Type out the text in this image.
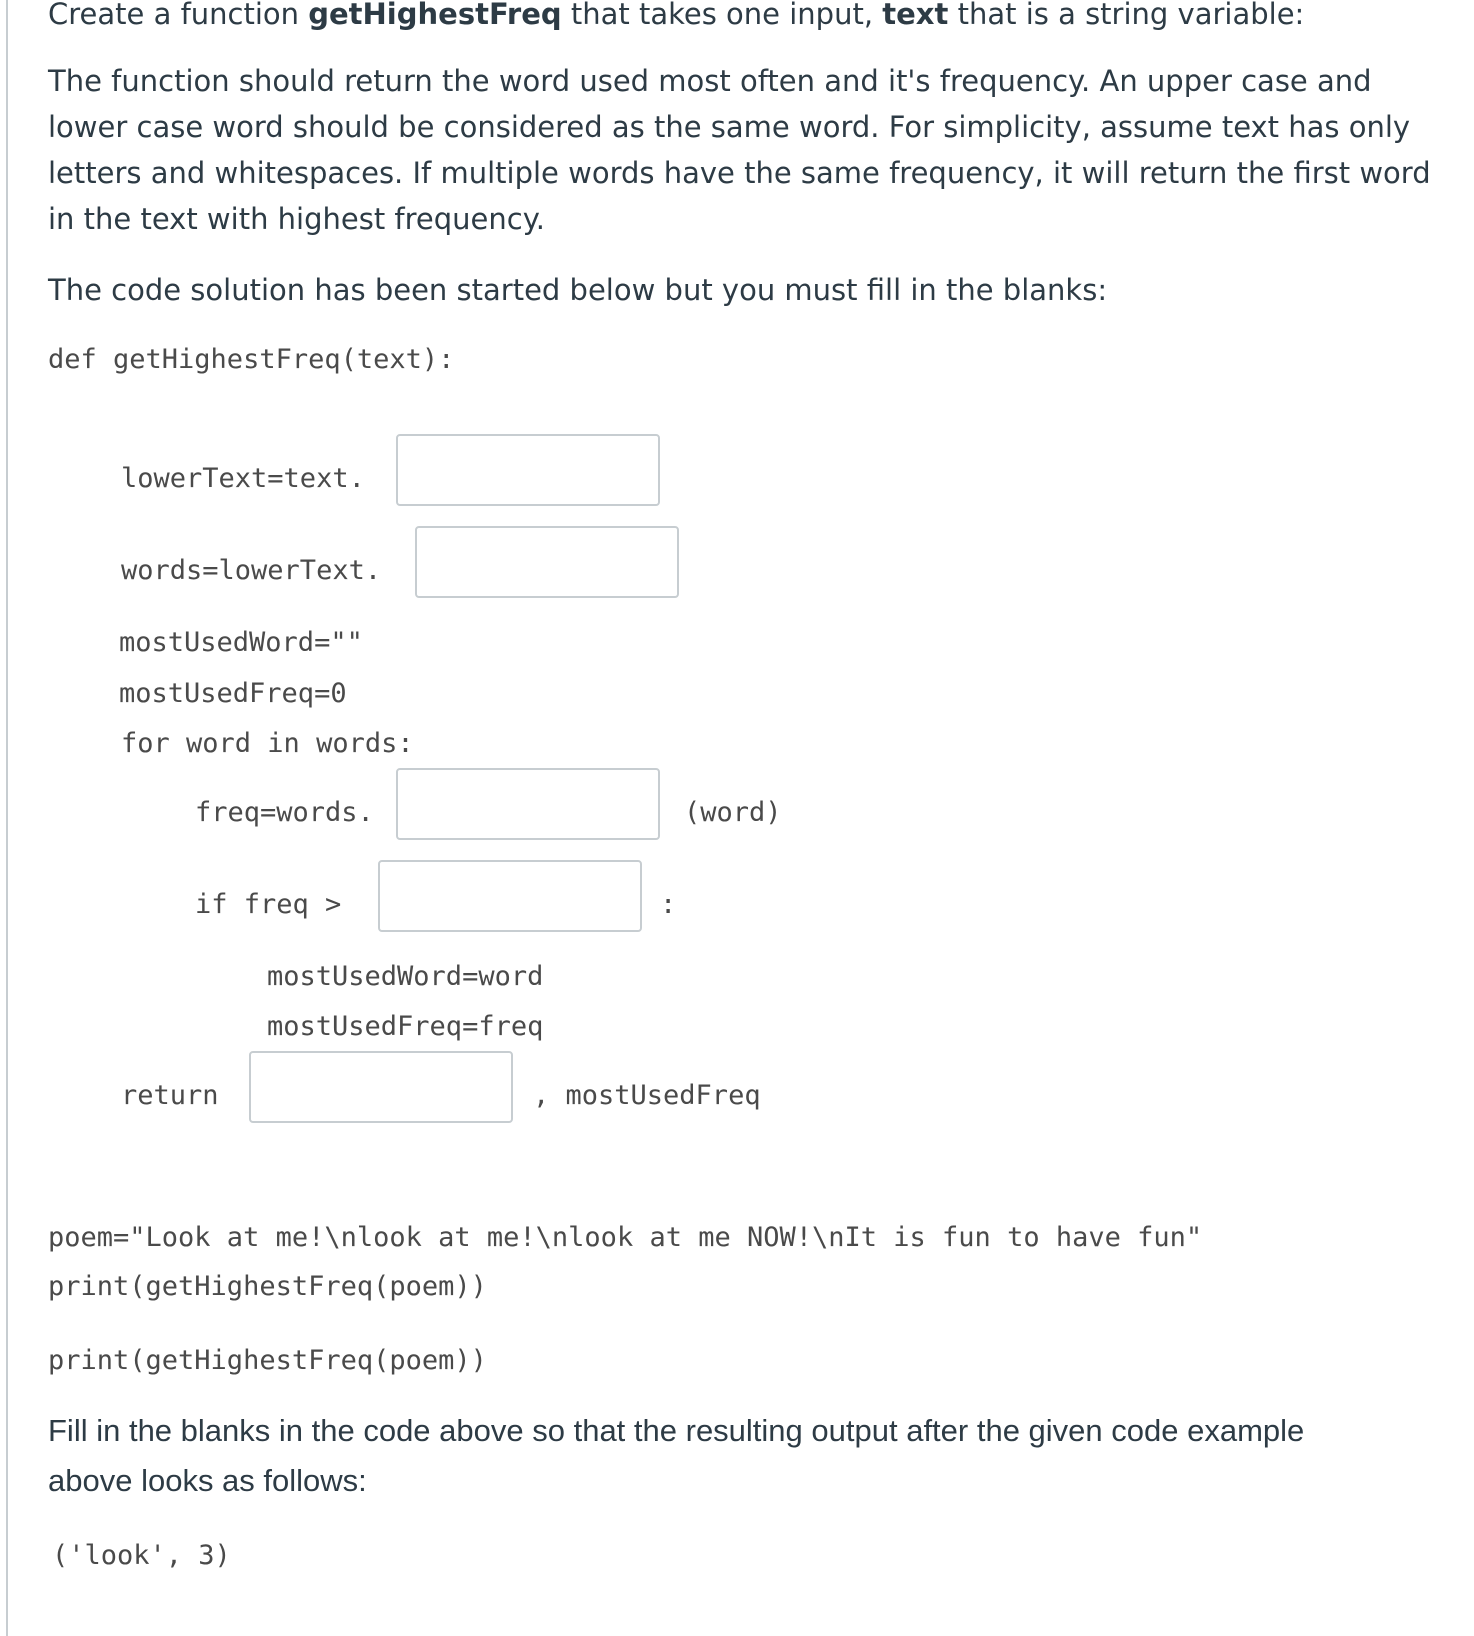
Create a function getHighestFreq that takes one input, text that is a string variable:
The function should return the word used most often and it's frequency. An upper case and lower case word should be considered as the same word. For simplicity, assume text has only letters and whitespaces. If multiple words have the same frequency, it will return the first word in the text with highest frequency.
The code solution has been started below but you must fill in the blanks:
def getHighestFreq(text):
lowerText=text.
words=lowerText.
mostUsedWord=""
mostUsedFreq=0
for word in words:
freq=words.	(word)
if freq >	:
mostUsedWord=word
mostUsedFreq=freq
return	, mostUsedFreq
poem="Look at me!\nlook at me!\nlook at me NOW!\nIt is fun to have fun"
print(getHighestFreq(poem))
print(getHighestFreq(poem))
Fill in the blanks in the code above so that the resulting output after the given code example above looks as follows:
('look', 3)
